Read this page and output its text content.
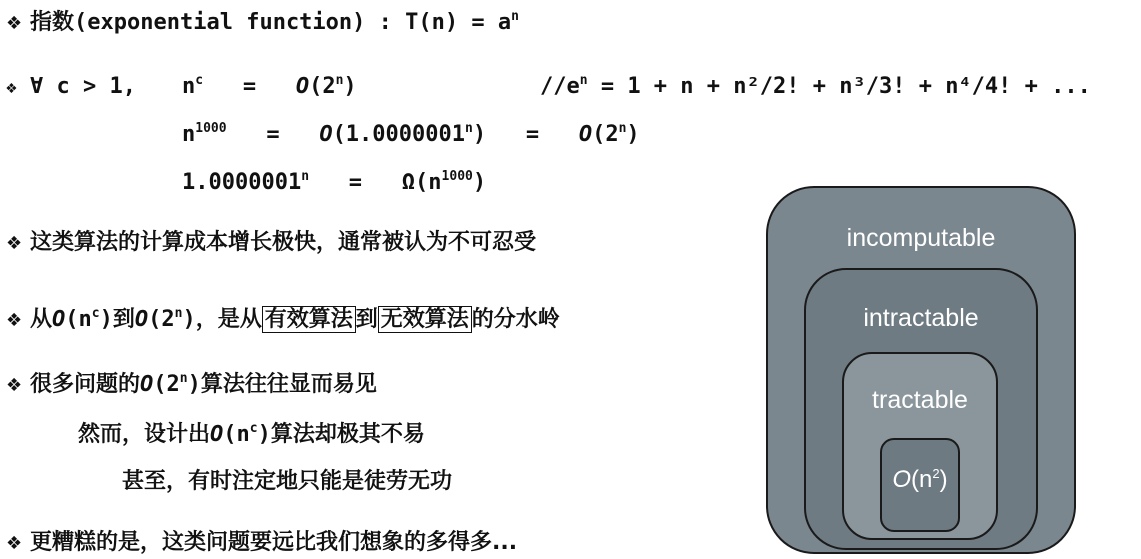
❖ 指数(exponential function) : $T(n) = a^n$
❖ ∀ c > 1, $n^c = O(2^n)$	$//e^n = 1 + n + n^2/2$! + n³/3! + n⁴/4! + ...
$n^{1000} = O(1.0000001^n) = O(2^n)$
$1.0000001^n = \Omega(n^{1000})$
❖ 这类算法的计算成本增长极快，通常被认为不可忍受
❖ 从$O(n^c)$到O(2$^n$)，是从 有效算法 到 无效算法 的分水岭
❖ 很多问题的O(2$^n$)算法往往显而易见
然而，设计出$O(n^c)$算法却极其不易
甚至，有时注定地只能是徒劳无功
❖ 更糟糕的是，这类问题要远比我们想象的多得多...
incomputable
intractable
tractable
$O(n^2)$
